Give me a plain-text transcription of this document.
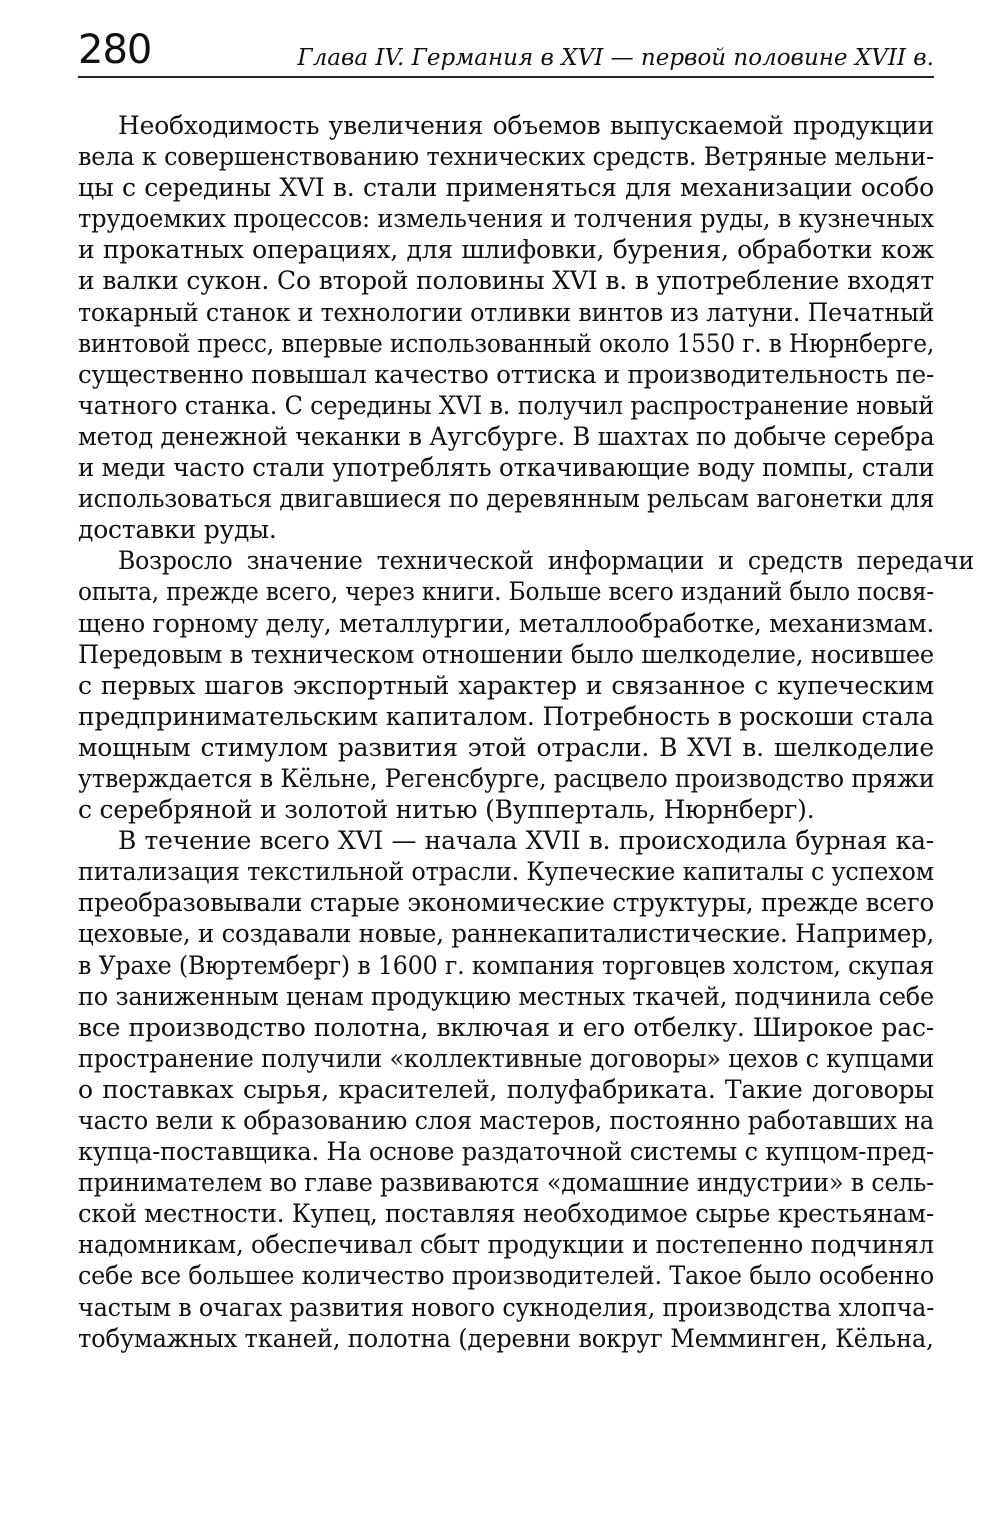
280	Глава IV. Германия в XVI — первой половине XVII в.

Необходимость увеличения объемов выпускаемой продукции
вела к совершенствованию технических средств. Ветряные мельни-
цы с середины XVI в. стали применяться для механизации особо
трудоемких процессов: измельчения и толчения руды, в кузнечных
и прокатных операциях, для шлифовки, бурения, обработки кож
и валки сукон. Со второй половины XVI в. в употребление входят
токарный станок и технологии отливки винтов из латуни. Печатный
винтовой пресс, впервые использованный около 1550 г. в Нюрнберге,
существенно повышал качество оттиска и производительность пе-
чатного станка. С середины XVI в. получил распространение новый
метод денежной чеканки в Аугсбурге. В шахтах по добыче серебра
и меди часто стали употреблять откачивающие воду помпы, стали
использоваться двигавшиеся по деревянным рельсам вагонетки для
доставки руды.

Возросло значение технической информации и средств передачи
опыта, прежде всего, через книги. Больше всего изданий было посвя-
щено горному делу, металлургии, металлообработке, механизмам.
Передовым в техническом отношении было шелкоделие, носившее
с первых шагов экспортный характер и связанное с купеческим
предпринимательским капиталом. Потребность в роскоши стала
мощным стимулом развития этой отрасли. В XVI в. шелкоделие
утверждается в Кёльне, Регенсбурге, расцвело производство пряжи
с серебряной и золотой нитью (Вупперталь, Нюрнберг).

В течение всего XVI — начала XVII в. происходила бурная ка-
питализация текстильной отрасли. Купеческие капиталы с успехом
преобразовывали старые экономические структуры, прежде всего
цеховые, и создавали новые, раннекапиталистические. Например,
в Урахе (Вюртемберг) в 1600 г. компания торговцев холстом, скупая
по заниженным ценам продукцию местных ткачей, подчинила себе
все производство полотна, включая и его отбелку. Широкое рас-
пространение получили «коллективные договоры» цехов с купцами
о поставках сырья, красителей, полуфабриката. Такие договоры
часто вели к образованию слоя мастеров, постоянно работавших на
купца-поставщика. На основе раздаточной системы с купцом-пред-
принимателем во главе развиваются «домашние индустрии» в сель-
ской местности. Купец, поставляя необходимое сырье крестьянам-
надомникам, обеспечивал сбыт продукции и постепенно подчинял
себе все большее количество производителей. Такое было особенно
частым в очагах развития нового сукноделия, производства хлопча-
тобумажных тканей, полотна (деревни вокруг Мемминген, Кёльна,
